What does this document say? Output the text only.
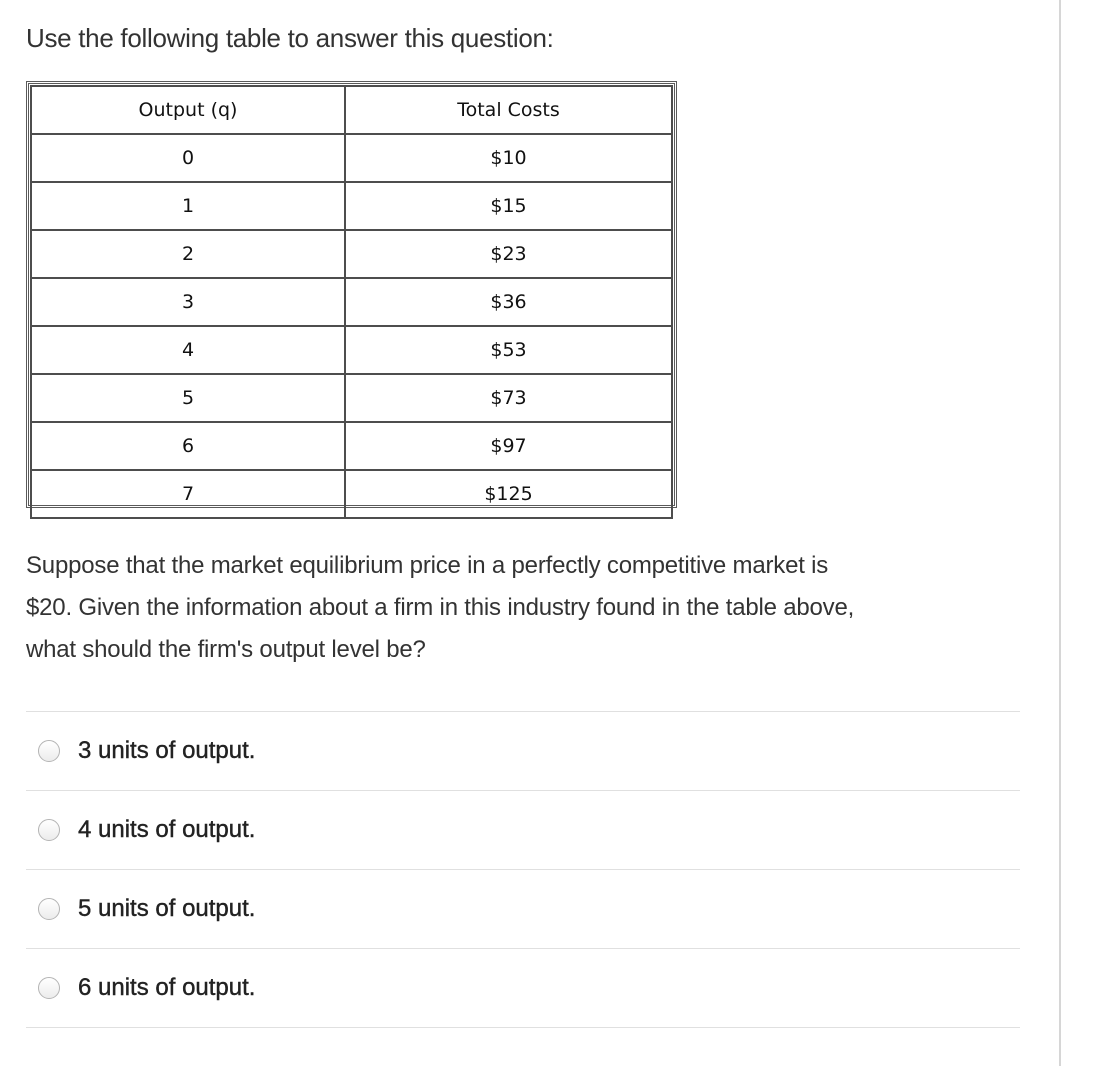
Use the following table to answer this question:

Output (q)	Total Costs
0	$10
1	$15
2	$23
3	$36
4	$53
5	$73
6	$97
7	$125

Suppose that the market equilibrium price in a perfectly competitive market is
$20. Given the information about a firm in this industry found in the table above,
what should the firm's output level be?

3 units of output.
4 units of output.
5 units of output.
6 units of output.
